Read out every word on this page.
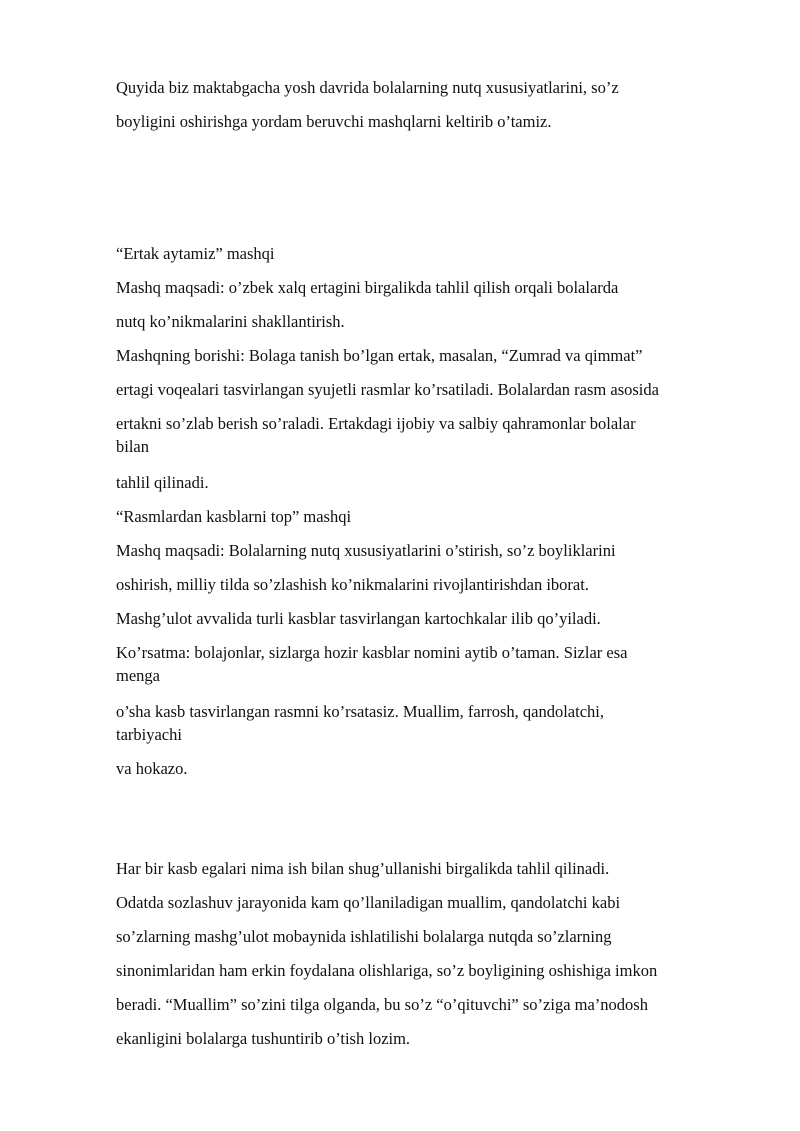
Quyida biz maktabgacha yosh davrida bolalarning nutq xususiyatlarini, so’z
boyligini oshirishga yordam beruvchi mashqlarni keltirib o’tamiz.
“Ertak aytamiz” mashqi
Mashq maqsadi: o’zbek xalq ertagini birgalikda tahlil qilish orqali bolalarda
nutq ko’nikmalarini shakllantirish.
Mashqning borishi: Bolaga tanish bo’lgan ertak, masalan, “Zumrad va qimmat”
ertagi voqealari tasvirlangan syujetli rasmlar ko’rsatiladi. Bolalardan rasm asosida
ertakni so’zlab berish so’raladi. Ertakdagi ijobiy va salbiy qahramonlar bolalar
bilan
tahlil qilinadi.
“Rasmlardan kasblarni top” mashqi
Mashq maqsadi: Bolalarning nutq xususiyatlarini o’stirish, so’z boyliklarini
oshirish, milliy tilda so’zlashish ko’nikmalarini rivojlantirishdan iborat.
Mashg’ulot avvalida turli kasblar tasvirlangan kartochkalar ilib qo’yiladi.
Ko’rsatma: bolajonlar, sizlarga hozir kasblar nomini aytib o’taman. Sizlar esa
menga
o’sha kasb tasvirlangan rasmni ko’rsatasiz. Muallim, farrosh, qandolatchi,
tarbiyachi
va hokazo.
Har bir kasb egalari nima ish bilan shug’ullanishi birgalikda tahlil qilinadi.
Odatda sozlashuv jarayonida kam qo’llaniladigan muallim, qandolatchi kabi
so’zlarning mashg’ulot mobaynida ishlatilishi bolalarga nutqda so’zlarning
sinonimlaridan ham erkin foydalana olishlariga, so’z boyligining oshishiga imkon
beradi. “Muallim” so’zini tilga olganda, bu so’z “o’qituvchi” so’ziga ma’nodosh
ekanligini bolalarga tushuntirib o’tish lozim.
